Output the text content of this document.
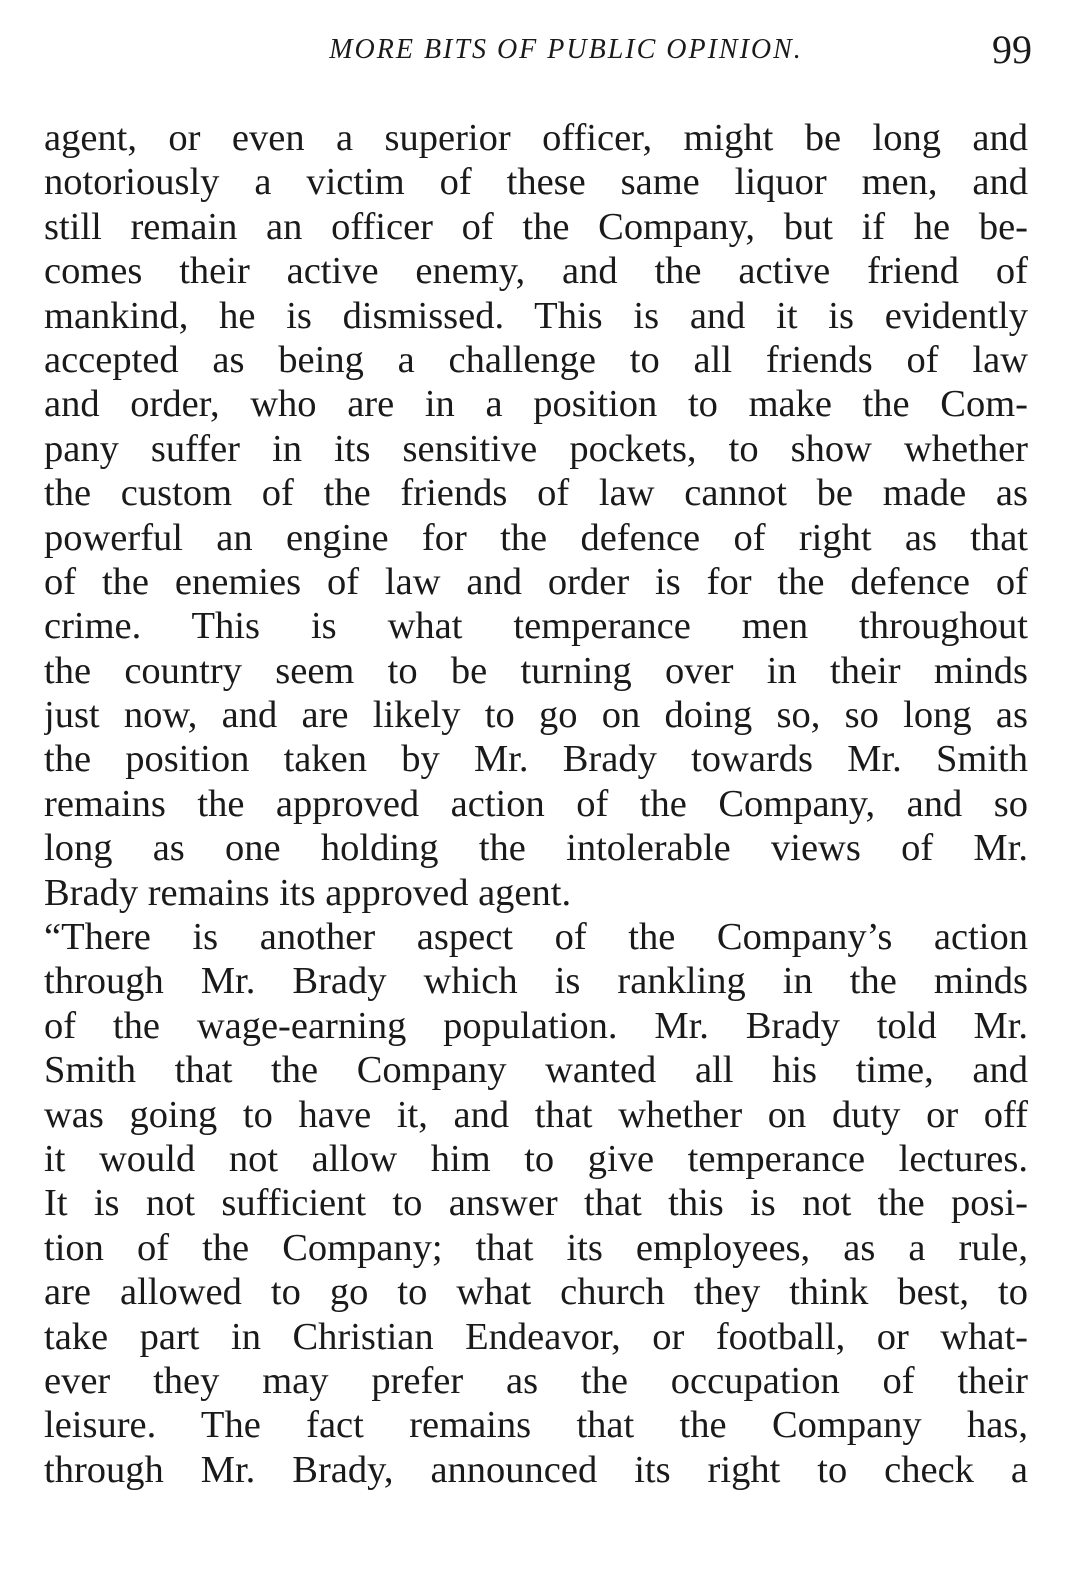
MORE BITS OF PUBLIC OPINION.	99
agent, or even a superior officer, might be long and
notoriously a victim of these same liquor men, and
still remain an officer of the Company, but if he be-
comes their active enemy, and the active friend of
mankind, he is dismissed. This is and it is evidently
accepted as being a challenge to all friends of law
and order, who are in a position to make the Com-
pany suffer in its sensitive pockets, to show whether
the custom of the friends of law cannot be made as
powerful an engine for the defence of right as that
of the enemies of law and order is for the defence of
crime. This is what temperance men throughout
the country seem to be turning over in their minds
just now, and are likely to go on doing so, so long as
the position taken by Mr. Brady towards Mr. Smith
remains the approved action of the Company, and so
long as one holding the intolerable views of Mr.
Brady remains its approved agent.
“There is another aspect of the Company’s action
through Mr. Brady which is rankling in the minds
of the wage-earning population. Mr. Brady told Mr.
Smith that the Company wanted all his time, and
was going to have it, and that whether on duty or off
it would not allow him to give temperance lectures.
It is not sufficient to answer that this is not the posi-
tion of the Company; that its employees, as a rule,
are allowed to go to what church they think best, to
take part in Christian Endeavor, or football, or what-
ever they may prefer as the occupation of their
leisure. The fact remains that the Company has,
through Mr. Brady, announced its right to check a
